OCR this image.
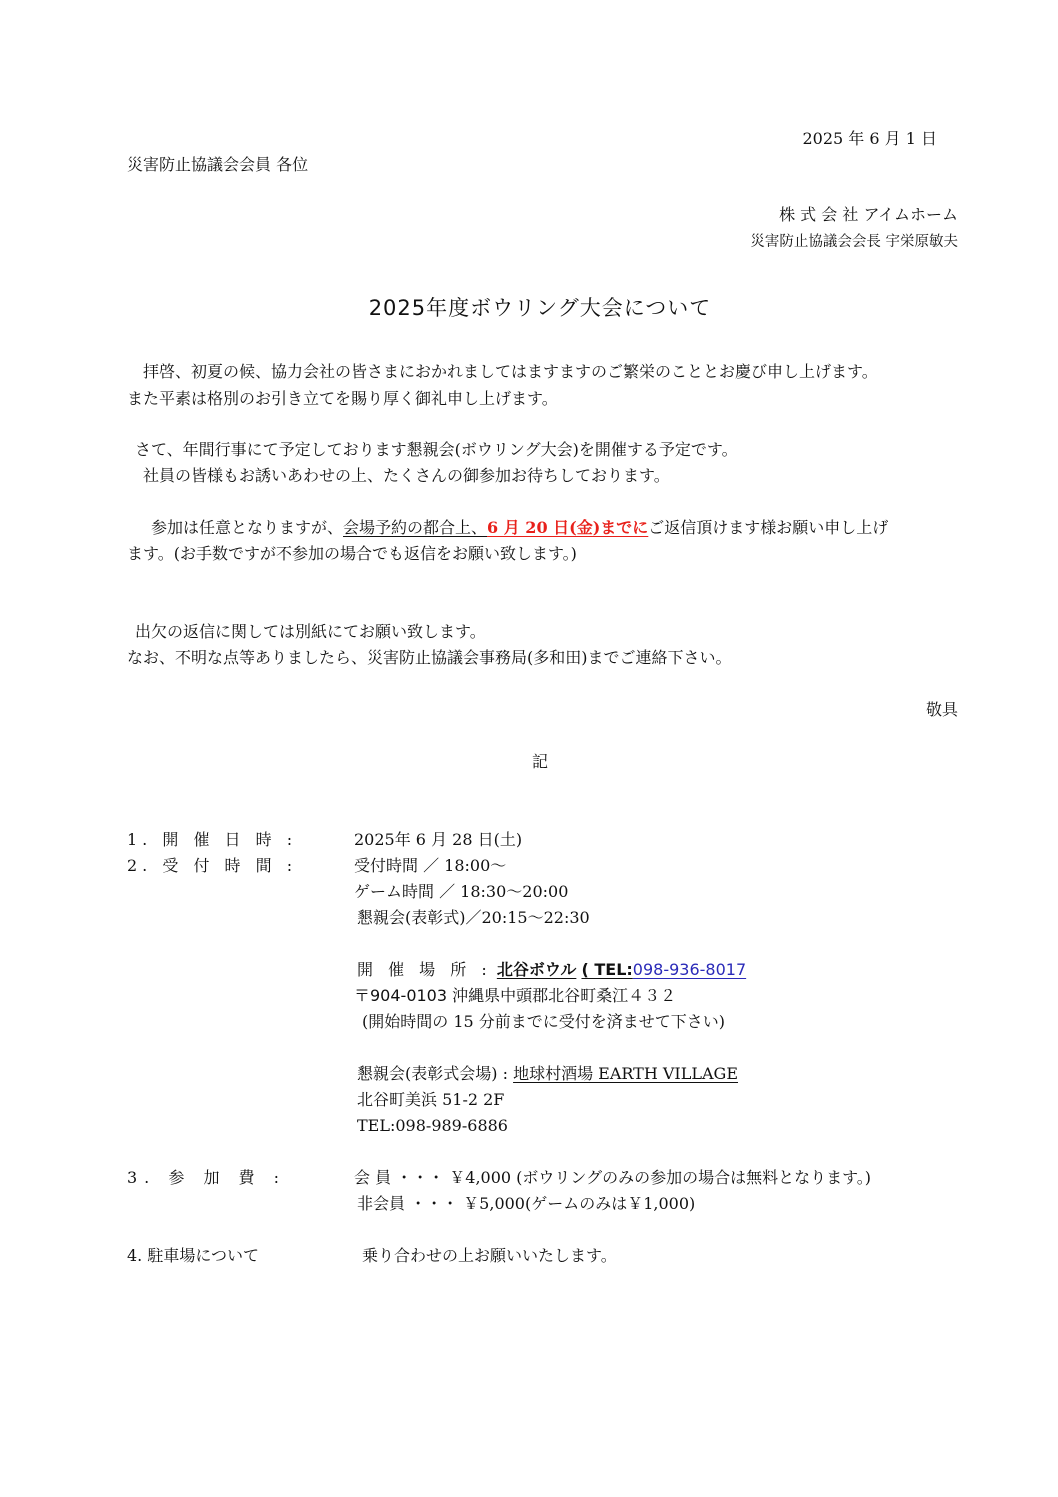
2025 年 6 月 1 日
災害防止協議会会員 各位
株 式 会 社 アイムホーム
災害防止協議会会長 宇栄原敏夫
2025年度ボウリング大会について
拝啓、初夏の候、協力会社の皆さまにおかれましてはますますのご繁栄のこととお慶び申し上げます。
また平素は格別のお引き立てを賜り厚く御礼申し上げます。
さて、年間行事にて予定しております懇親会(ボウリング大会)を開催する予定です。
社員の皆様もお誘いあわせの上、たくさんの御参加お待ちしております。
参加は任意となりますが、会場予約の都合上、6 月 20 日(金)までにご返信頂けます様お願い申し上げ
ます。(お手数ですが不参加の場合でも返信をお願い致します。)
出欠の返信に関しては別紙にてお願い致します。
なお、不明な点等ありましたら、災害防止協議会事務局(多和田)までご連絡下さい。
敬具
記
1. 開 催 日 時 :	2025年 6 月 28 日(土)
2. 受 付 時 間 :	受付時間 ／ 18:00～
ゲーム時間 ／ 18:30～20:00
懇親会(表彰式)／20:15～22:30
開 催 場 所 : 北谷ボウル ( TEL:098-936-8017
〒904-0103 沖縄県中頭郡北谷町桑江４３２
(開始時間の 15 分前までに受付を済ませて下さい)
懇親会(表彰式会場) : 地球村酒場 EARTH VILLAGE
北谷町美浜 51-2 2F
TEL:098-989-6886
3. 参 加 費 :	会 員 ・・・ ￥4,000 (ボウリングのみの参加の場合は無料となります。)
非会員 ・・・ ￥5,000(ゲームのみは￥1,000)
4. 駐車場について	乗り合わせの上お願いいたします。
